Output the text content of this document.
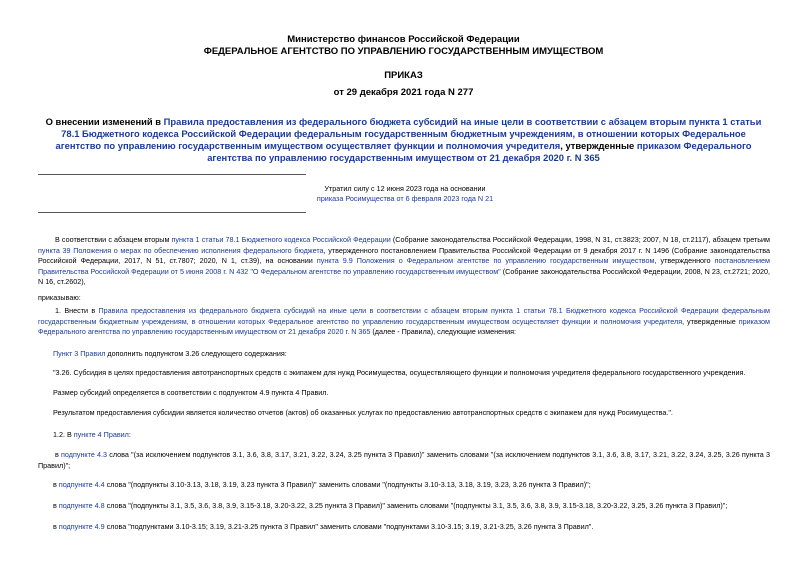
Министерство финансов Российской Федерации
ФЕДЕРАЛЬНОЕ АГЕНТСТВО ПО УПРАВЛЕНИЮ ГОСУДАРСТВЕННЫМ ИМУЩЕСТВОМ
ПРИКАЗ
от 29 декабря 2021 года N 277
О внесении изменений в Правила предоставления из федерального бюджета субсидий на иные цели в соответствии с абзацем вторым пункта 1 статьи 78.1 Бюджетного кодекса Российской Федерации федеральным государственным бюджетным учреждениям, в отношении которых Федеральное агентство по управлению государственным имуществом осуществляет функции и полномочия учредителя, утвержденные приказом Федерального агентства по управлению государственным имуществом от 21 декабря 2020 г. N 365
Утратил силу с 12 июня 2023 года на основании
приказа Росимущества от 6 февраля 2023 года N 21
В соответствии с абзацем вторым пункта 1 статьи 78.1 Бюджетного кодекса Российской Федерации (Собрание законодательства Российской Федерации, 1998, N 31, ст.3823; 2007, N 18, ст.2117), абзацем третьим пункта 39 Положения о мерах по обеспечению исполнения федерального бюджета, утвержденного постановлением Правительства Российской Федерации от 9 декабря 2017 г. N 1496 (Собрание законодательства Российской Федерации, 2017, N 51, ст.7807; 2020, N 1, ст.39), на основании пункта 9.9 Положения о Федеральном агентстве по управлению государственным имуществом, утвержденного постановлением Правительства Российской Федерации от 5 июня 2008 г. N 432 "О Федеральном агентстве по управлению государственным имуществом" (Собрание законодательства Российской Федерации, 2008, N 23, ст.2721; 2020, N 16, ст.2602),
приказываю:
1. Внести в Правила предоставления из федерального бюджета субсидий на иные цели в соответствии с абзацем вторым пункта 1 статьи 78.1 Бюджетного кодекса Российской Федерации федеральным государственным бюджетным учреждениям, в отношении которых Федеральное агентство по управлению государственным имуществом осуществляет функции и полномочия учредителя, утвержденные приказом Федерального агентства по управлению государственным имуществом от 21 декабря 2020 г. N 365 (далее - Правила), следующие изменения:
Пункт 3 Правил дополнить подпунктом 3.26 следующего содержания:
"3.26. Субсидия в целях предоставления автотранспортных средств с экипажем для нужд Росимущества, осуществляющего функции и полномочия учредителя федерального государственного учреждения.
Размер субсидий определяется в соответствии с подпунктом 4.9 пункта 4 Правил.
Результатом предоставления субсидии является количество отчетов (актов) об оказанных услугах по предоставлению автотранспортных средств с экипажем для нужд Росимущества.".
1.2. В пункте 4 Правил:
в подпункте 4.3 слова "(за исключением подпунктов 3.1, 3.6, 3.8, 3.17, 3.21, 3.22, 3.24, 3.25 пункта 3 Правил)" заменить словами "(за исключением подпунктов 3.1, 3.6, 3.8, 3.17, 3.21, 3.22, 3.24, 3.25, 3.26 пункта 3 Правил)";
в подпункте 4.4 слова "(подпункты 3.10-3.13, 3.18, 3.19, 3.23 пункта 3 Правил)" заменить словами "(подпункты 3.10-3.13, 3.18, 3.19, 3.23, 3.26 пункта 3 Правил)";
в подпункте 4.8 слова "(подпункты 3.1, 3.5, 3.6, 3.8, 3.9, 3.15-3.18, 3.20-3.22, 3.25 пункта 3 Правил)" заменить словами "(подпункты 3.1, 3.5, 3.6, 3.8, 3.9, 3.15-3.18, 3.20-3.22, 3.25, 3.26 пункта 3 Правил)";
в подпункте 4.9 слова "подпунктами 3.10-3.15; 3.19, 3.21-3.25 пункта 3 Правил" заменить словами "подпунктами 3.10-3.15; 3.19, 3.21-3.25, 3.26 пункта 3 Правил".
